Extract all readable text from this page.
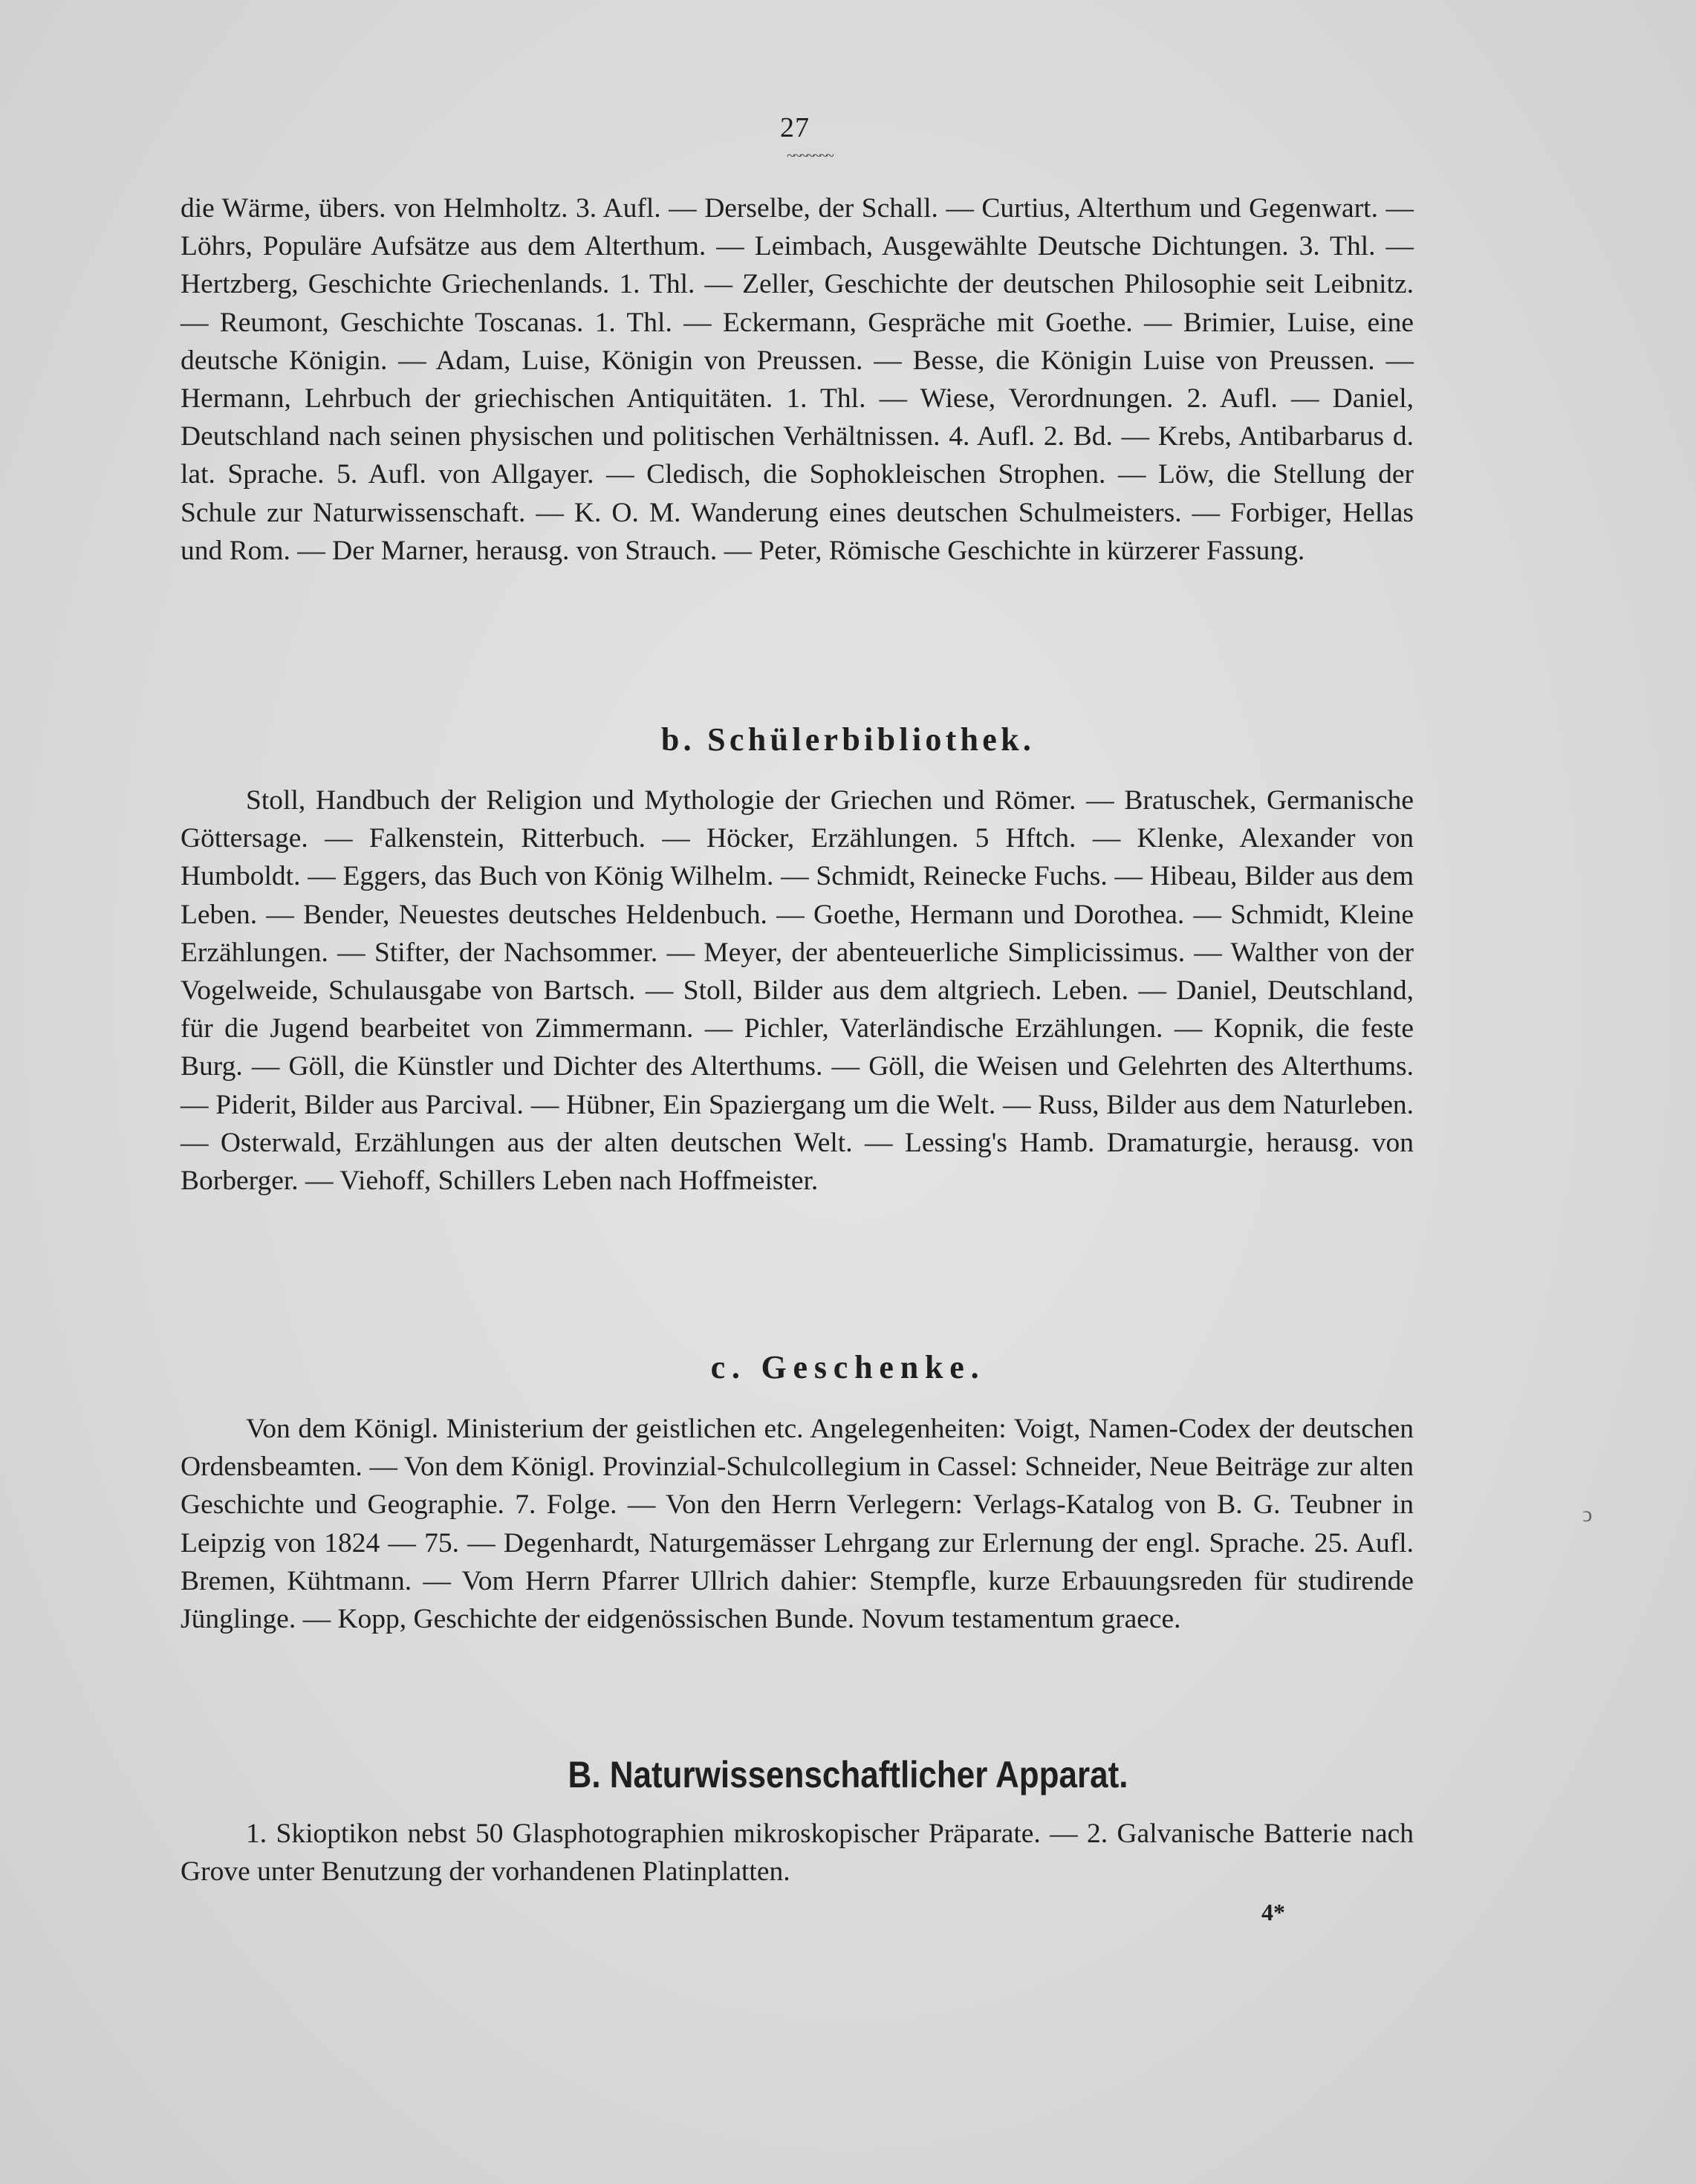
27
~~~~~~~

die Wärme, übers. von Helmholtz. 3. Aufl. — Derselbe, der Schall. — Curtius, Alterthum und Gegenwart. — Löhrs, Populäre Aufsätze aus dem Alterthum. — Leimbach, Ausgewählte Deutsche Dichtungen. 3. Thl. — Hertzberg, Geschichte Griechenlands. 1. Thl. — Zeller, Geschichte der deutschen Philosophie seit Leibnitz. — Reumont, Geschichte Toscanas. 1. Thl. — Eckermann, Gespräche mit Goethe. — Brimier, Luise, eine deutsche Königin. — Adam, Luise, Königin von Preussen. — Besse, die Königin Luise von Preussen. — Hermann, Lehrbuch der griechischen Antiquitäten. 1. Thl. — Wiese, Verordnungen. 2. Aufl. — Daniel, Deutschland nach seinen physischen und politischen Verhältnissen. 4. Aufl. 2. Bd. — Krebs, Antibarbarus d. lat. Sprache. 5. Aufl. von Allgayer. — Cledisch, die Sophokleischen Strophen. — Löw, die Stellung der Schule zur Naturwissenschaft. — K. O. M. Wanderung eines deutschen Schulmeisters. — Forbiger, Hellas und Rom. — Der Marner, herausg. von Strauch. — Peter, Römische Geschichte in kürzerer Fassung.

b. Schülerbibliothek.

Stoll, Handbuch der Religion und Mythologie der Griechen und Römer. — Bratuschek, Germanische Göttersage. — Falkenstein, Ritterbuch. — Höcker, Erzählungen. 5 Hftch. — Klenke, Alexander von Humboldt. — Eggers, das Buch von König Wilhelm. — Schmidt, Reinecke Fuchs. — Hibeau, Bilder aus dem Leben. — Bender, Neuestes deutsches Heldenbuch. — Goethe, Hermann und Dorothea. — Schmidt, Kleine Erzählungen. — Stifter, der Nachsommer. — Meyer, der abenteuerliche Simplicissimus. — Walther von der Vogelweide, Schulausgabe von Bartsch. — Stoll, Bilder aus dem altgriech. Leben. — Daniel, Deutschland, für die Jugend bearbeitet von Zimmermann. — Pichler, Vaterländische Erzählungen. — Kopnik, die feste Burg. — Göll, die Künstler und Dichter des Alterthums. — Göll, die Weisen und Gelehrten des Alterthums. — Piderit, Bilder aus Parcival. — Hübner, Ein Spaziergang um die Welt. — Russ, Bilder aus dem Naturleben. — Osterwald, Erzählungen aus der alten deutschen Welt. — Lessing's Hamb. Dramaturgie, herausg. von Borberger. — Viehoff, Schillers Leben nach Hoffmeister.

c. Geschenke.

Von dem Königl. Ministerium der geistlichen etc. Angelegenheiten: Voigt, Namen-Codex der deutschen Ordensbeamten. — Von dem Königl. Provinzial-Schulcollegium in Cassel: Schneider, Neue Beiträge zur alten Geschichte und Geographie. 7. Folge. — Von den Herrn Verlegern: Verlags-Katalog von B. G. Teubner in Leipzig von 1824 — 75. — Degenhardt, Naturgemässer Lehrgang zur Erlernung der engl. Sprache. 25. Aufl. Bremen, Kühtmann. — Vom Herrn Pfarrer Ullrich dahier: Stempfle, kurze Erbauungsreden für studirende Jünglinge. — Kopp, Geschichte der eidgenössischen Bunde. Novum testamentum graece.

ↄ
B. Naturwissenschaftlicher Apparat.

1. Skioptikon nebst 50 Glasphotographien mikroskopischer Präparate. — 2. Galvanische Batterie nach Grove unter Benutzung der vorhandenen Platinplatten.

4*
